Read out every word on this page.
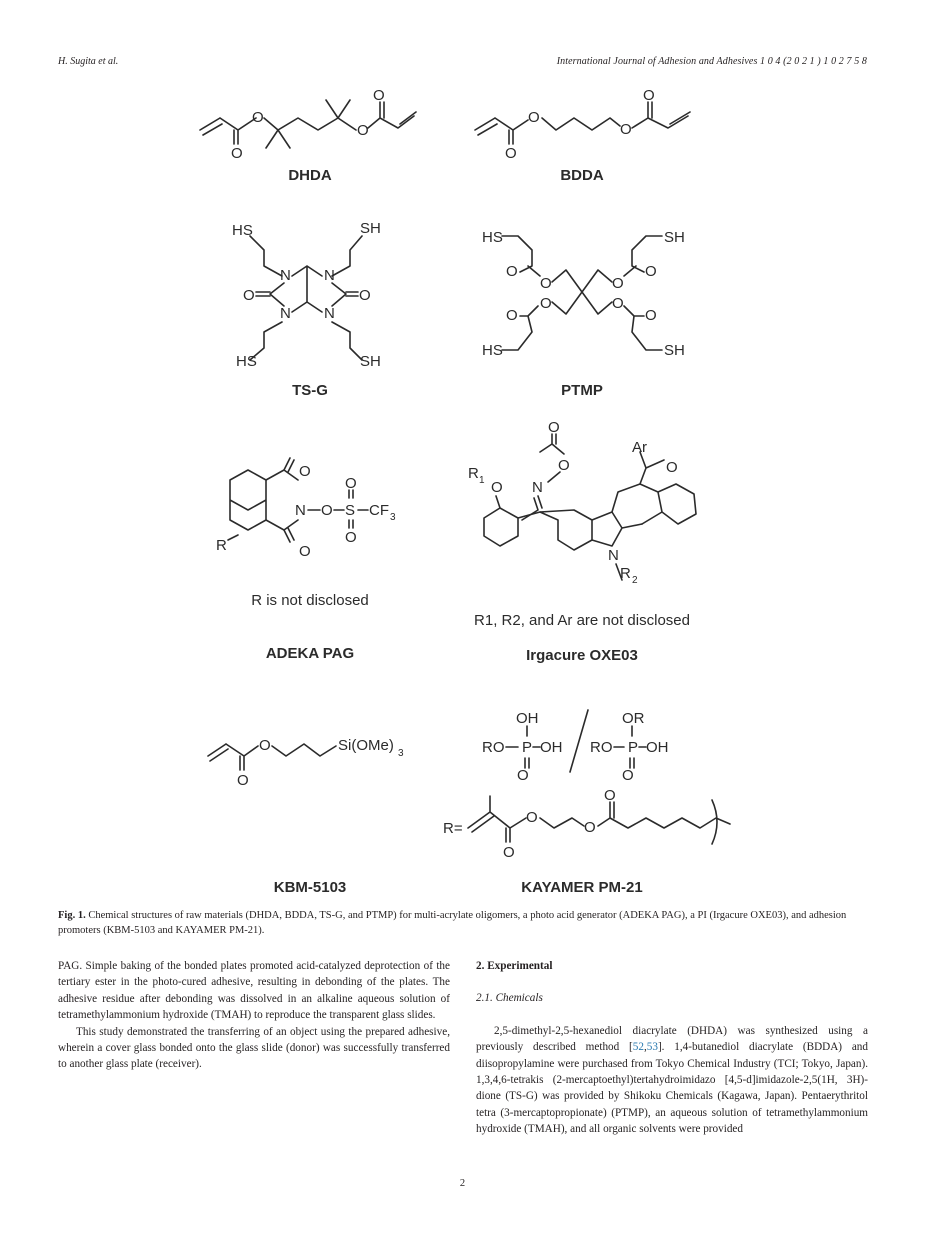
H. Sugita et al.	International Journal of Adhesion and Adhesives 1 0 4 (2 0 2 1 ) 1 0 2 7 5 8
O
O
O
O
DHDA
O
O
O
O
BDDA
HS	SH
N N
N N
O	O
HS	SH
TS-G
HS	SH
O
O	O
O
O	O
O	O
HS	SH
PTMP
O
O
N O S
O
O
CF 3
R
R is not disclosed
ADEKA PAG
O
O
N
R 1 O
N
R 2
Ar
O
R1, R2, and Ar are not disclosed
Irgacure OXE03
O
O
Si(OMe) 3
KBM-5103
OH
RO P OH
O
OR
RO P OH
O
R=
O
O
O
O
KAYAMER PM-21
Fig. 1. Chemical structures of raw materials (DHDA, BDDA, TS-G, and PTMP) for multi-acrylate oligomers, a photo acid generator (ADEKA PAG), a PI (Irgacure OXE03), and adhesion promoters (KBM-5103 and KAYAMER PM-21).

PAG. Simple baking of the bonded plates promoted acid-catalyzed deprotection of the tertiary ester in the photo-cured adhesive, resulting in debonding of the plates. The adhesive residue after debonding was dissolved in an alkaline aqueous solution of tetramethylammonium hydroxide (TMAH) to reproduce the transparent glass slides.

This study demonstrated the transferring of an object using the prepared adhesive, wherein a cover glass bonded onto the glass slide (donor) was successfully transferred to another glass plate (receiver).

2. Experimental

2.1. Chemicals

2,5-dimethyl-2,5-hexanediol diacrylate (DHDA) was synthesized using a previously described method [52,53]. 1,4-butanediol diacrylate (BDDA) and diisopropylamine were purchased from Tokyo Chemical Industry (TCI; Tokyo, Japan). 1,3,4,6-tetrakis (2-mercaptoethyl)tertahydroimidazo [4,5-d]imidazole-2,5(1H, 3H)-dione (TS-G) was provided by Shikoku Chemicals (Kagawa, Japan). Pentaerythritol tetra (3-mercaptopropionate) (PTMP), an aqueous solution of tetramethylammonium hydroxide (TMAH), and all organic solvents were provided

2
